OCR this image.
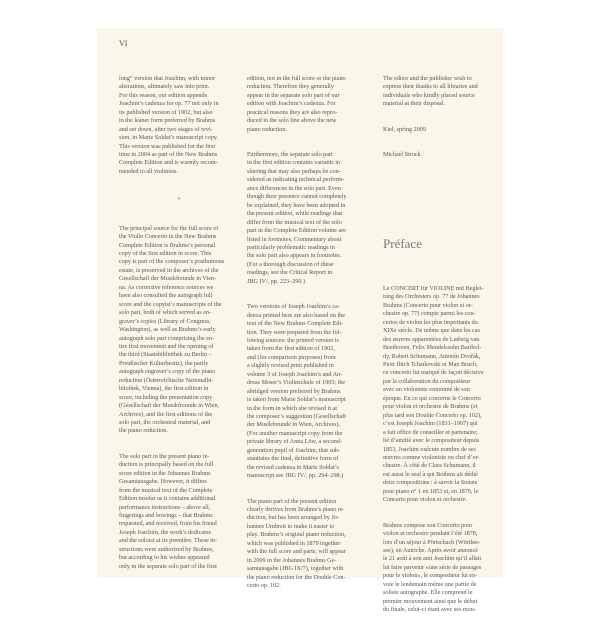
VI

long” version that Joachim, with minor
alterations, ultimately saw into print.
For this reason, our edition appends
Joachim’s cadenza for op. 77 not only in
its published version of 1902, but also
in the leaner form preferred by Brahms
and set down, after two stages of revi-
sion, in Marie Soldat’s manuscript copy.
This version was published for the first
time in 2004 as part of the New Brahms
Complete Edition and is warmly recom-
mended to all violinists.

*

The principal source for the full score of
the Violin Concerto in the New Brahms
Complete Edition is Brahms’s personal
copy of the first edition in score. This
copy is part of the composer’s posthumous
estate, is preserved in the archives of the
Gesellschaft der Musikfreunde in Vien-
na. As corrective reference sources we
have also consulted the autograph full
score and the copyist’s manuscripts of the
solo part, both of which served as en-
graver’s copies (Library of Congress,
Washington), as well as Brahms’s early
autograph solo part comprising the en-
tire first movement and the opening of
the third (Staatsbibliothek zu Berlin –
Preußischer Kulturbesitz), the partly
autograph engraver’s copy of the piano
reduction (Österreichische Nationalbi-
bliothek, Vienna), the first edition in
score, including the presentation copy
(Gesellschaft der Musikfreunde in Wien,
Archives), and the first editions of the
solo part, the orchestral material, and
the piano reduction.

The solo part in the present piano re-
duction is principally based on the full
score edition in the Johannes Brahms
Gesamtausgabe. However, it differs
from the musical text of the Complete
Edition insofar as it contains additional
performance instructions – above all,
fingerings and bowings – that Brahms
requested, and received, from his friend
Joseph Joachim, the work’s dedicatee
and the soloist at its première. These in-
structions were authorized by Brahms,
but according to his wishes appeared
only in the separate solo part of the first

edition, not in the full score or the piano
reduction. Therefore they generally
appear in the separate solo part of our
edition with Joachim’s cadenza. For
practical reasons they are also repro-
duced in the solo line above the new
piano reduction.

Furthermore, the separate solo part
in the first edition contains variants in
slurring that may also perhaps be con-
sidered as indicating technical perform-
ance differences in the solo part. Even
though their presence cannot completely
be explained, they have been adopted in
the present edition, while readings that
differ from the musical text of the solo
part in the Complete Edition volume are
listed in footnotes. Commentary about
particularly problematic readings in
the solo part also appears in footnotes.
(For a thorough discussion of these
readings, see the Critical Report in
JBG IV/, pp. 223–290.)

Two versions of Joseph Joachim’s ca-
denza printed here are also based on the
text of the New Brahms Complete Edi-
tion. They were prepared from the fol-
lowing sources: the printed version is
taken from the first edition of 1902,
and (for comparison purposes) from
a slightly revised print published in
volume 3 of Joseph Joachim’s and An-
dreas Moser’s Violinschule of 1905; the
abridged version preferred by Brahms
is taken from Marie Soldat’s manuscript
in the form in which she revised it at
the composer’s suggestion (Gesellschaft
der Musikfreunde in Wien, Archives).
(For another manuscript copy from the
private library of Anna Löw, a second-
generation pupil of Joachim, that sub-
stantiates the final, definitive form of
the revised cadenza in Marie Soldat’s
manuscript see JBG IV/, pp. 294–298.)

The piano part of the present edition
clearly derives from Brahms’s piano re-
duction, but has been arranged by Jo-
hannes Umbreit to make it easier to
play. Brahms’s original piano reduction,
which was published in 1879 together
with the full score and parts, will appear
in 2009 in the Johannes Brahms Ge-
samtausgabe (JBG IX/7), together with
the piano reduction for the Double Con-
certo op. 102.

The editor and the publisher wish to
express their thanks to all libraries and
individuals who kindly placed source
material at their disposal.

Kiel, spring 2009

Michael Struck

Préface

Le CONCERT für VIOLINE mit Beglei-
tung des Orchesters op. 77 de Johannes
Brahms (Concerto pour violon et or-
chestre op. 77) compte parmi les con-
certos de violon les plus importants du
XIXe siècle. De même que dans les cas
des œuvres apparentées de Ludwig van
Beethoven, Felix Mendelssohn Barthol-
dy, Robert Schumann, Antonín Dvořák,
Piotr Ilitch Tchaïkovski et Max Bruch,
ce concerto fut marqué de façon décisive
par la collaboration du compositeur
avec un violoniste renommé de son
époque. En ce qui concerne le Concerto
pour violon et orchestre de Brahms (et
plus tard son Double Concerto op. 102),
c’est Joseph Joachim (1831–1907) qui
a fait office de conseiller et partenaire;
lié d’amitié avec le compositeur depuis
1853, Joachim exécute nombre de ses
œuvres comme violoniste ou chef d’or-
chestre. À côté de Clara Schumann, il
est aussi le seul à qui Brahms ait dédié
deux compositions : à savoir la Sonate
pour piano n° 1 en 1853 et, en 1879, le
Concerto pour violon et orchestre.

Brahms compose son Concerto pour
violon et orchestre pendant l’été 1878,
lors d’un séjour à Pörtschach (Wörther-
see), en Autriche. Après avoir annoncé
le 21 août à son ami Joachim qu’il allait
lui faire parvenir «une série de passages
pour le violon», le compositeur lui en-
voie le lendemain même une partie de
soliste autographe. Elle comprend le
premier mouvement ainsi que le début
du finale, celui-ci étant avec ses mou-
